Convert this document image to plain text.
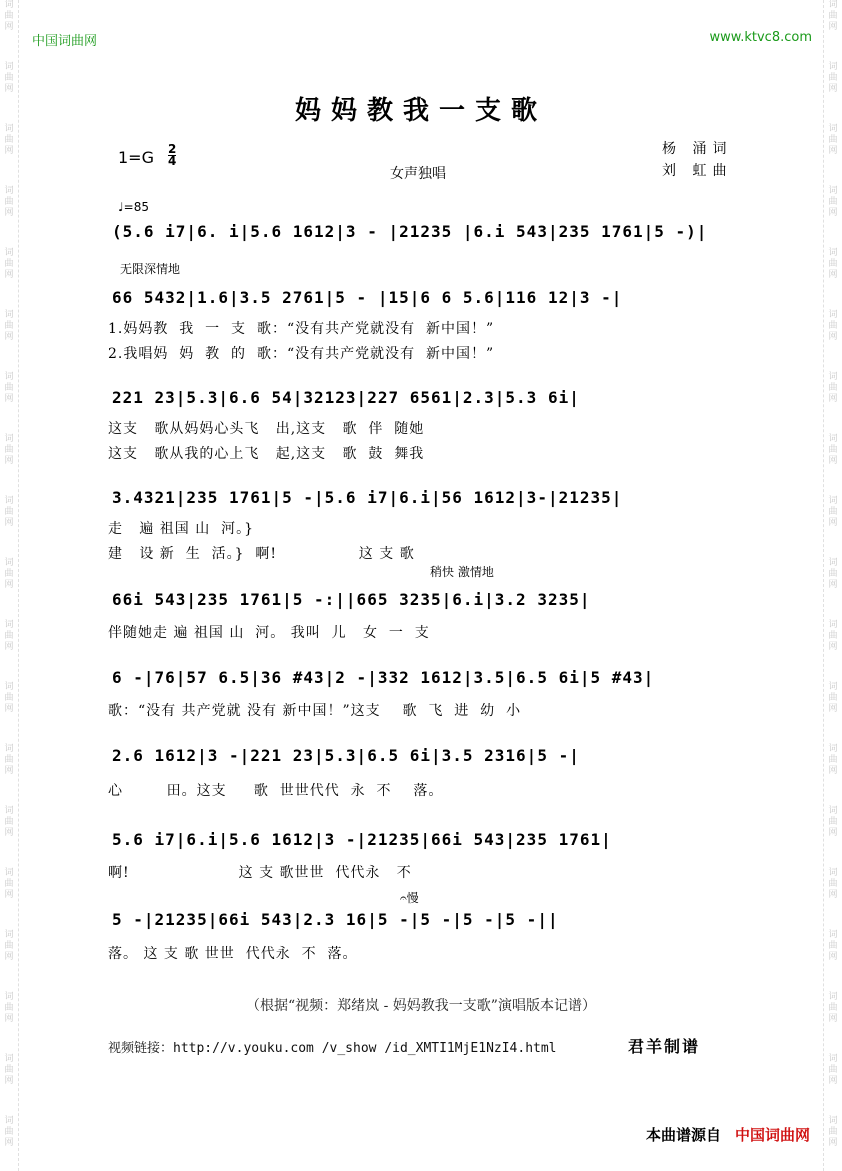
词
曲
网
词
曲
网
词
曲
网
词
曲
网
词
曲
网
词
曲
网
词
曲
网
词
曲
网
词
曲
网
词
曲
网
词
曲
网
词
曲
网
词
曲
网
词
曲
网
词
曲
网
词
曲
网
词
曲
网
词
曲
网
词
曲
网
词
曲
网
词
曲
网
词
曲
网
词
曲
网
词
曲
网
词
曲
网
词
曲
网
词
曲
网
词
曲
网
词
曲
网
词
曲
网
词
曲
网
词
曲
网
词
曲
网
词
曲
网
词
曲
网
词
曲
网
词
曲
网
词
曲
网
中国词曲网	www.ktvc8.com
妈妈教我一支歌
1=G 2
4
女声独唱
杨 涌词
刘 虹曲
♩=85
无限深情地
稍快 激情地
𝄐慢
(5.6 i7|6. i|5.6 1612|3 - |21235 |6.i 543|235 1761|5 -)|
66 5432|1.6|3.5 2761|5 - |15|6 6 5.6|116 12|3 -|
1.妈妈教  我  一  支  歌：“没有共产党就没有  新中国！”
2.我唱妈  妈  教  的  歌：“没有共产党就没有  新中国！”
221 23|5.3|6.6 54|32123|227 6561|2.3|5.3 6i|
这支   歌从妈妈心头飞   出,这支   歌  伴  随她
这支   歌从我的心上飞   起,这支   歌  鼓  舞我
3.4321|235 1761|5 -|5.6 i7|6.i|56 1612|3-|21235|
走   遍 祖国 山  河。}
建   设 新  生  活。}  啊!               这 支 歌
66i 543|235 1761|5 -:||665 3235|6.i|3.2 3235|
伴随她走 遍 祖国 山  河。 我叫  儿   女  一  支
6 -|76|57 6.5|36 #43|2 -|332 1612|3.5|6.5 6i|5 #43|
歌：“没有 共产党就 没有 新中国！”这支    歌  飞  进  幼  小
2.6 1612|3 -|221 23|5.3|6.5 6i|3.5 2316|5 -|
心        田。这支     歌  世世代代  永  不    落。
5.6 i7|6.i|5.6 1612|3 -|21235|66i 543|235 1761|
啊!                    这 支 歌世世  代代永   不
5 -|21235|66i 543|2.3 16|5 -|5 -|5 -|5 -||
落。 这 支 歌 世世  代代永  不  落。
（根据“视频：郑绪岚 - 妈妈教我一支歌”演唱版本记谱）
视频链接：http://v.youku.com /v_show /id_XMTI1MjE1NzI4.html	君羊制谱
本曲谱源自 中国词曲网
